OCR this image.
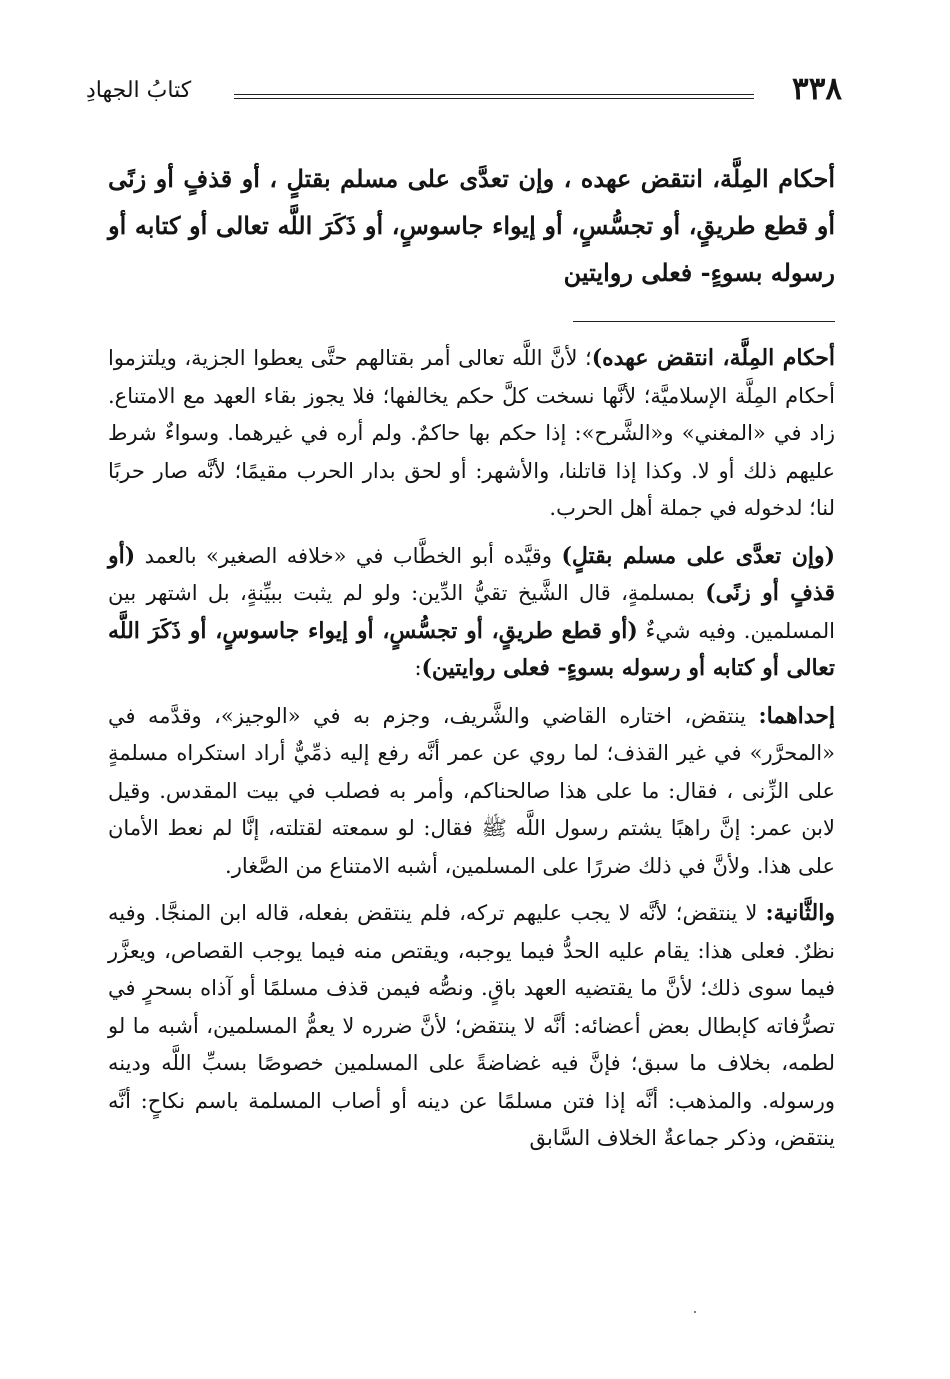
٣٣٨
كتابُ الجهادِ

أحكام المِلَّة، انتقض عهده ، وإن تعدَّى على مسلم بقتلٍ ، أو قذفٍ أو زنًى أو قطع طريقٍ، أو تجسُّسٍ، أو إيواء جاسوسٍ، أو ذَكَرَ اللَّه تعالى أو كتابه أو رسوله بسوءٍ- فعلى روايتين

أحكام المِلَّة، انتقض عهده)؛ لأنَّ اللَّه تعالى أمر بقتالهم حتَّى يعطوا الجزية، ويلتزموا أحكام المِلَّة الإسلاميَّة؛ لأنَّها نسخت كلَّ حكم يخالفها؛ فلا يجوز بقاء العهد مع الامتناع. زاد في «المغني» و«الشَّرح»: إذا حكم بها حاكمٌ. ولم أره في غيرهما. وسواءٌ شرط عليهم ذلك أو لا. وكذا إذا قاتلنا، والأشهر: أو لحق بدار الحرب مقيمًا؛ لأنَّه صار حربًا لنا؛ لدخوله في جملة أهل الحرب.

(وإن تعدَّى على مسلم بقتلٍ) وقيَّده أبو الخطَّاب في «خلافه الصغير» بالعمد (أو قذفٍ أو زنًى) بمسلمةٍ، قال الشَّيخ تقيُّ الدِّين: ولو لم يثبت ببيِّنةٍ، بل اشتهر بين المسلمين. وفيه شيءٌ (أو قطع طريقٍ، أو تجسُّسٍ، أو إيواء جاسوسٍ، أو ذَكَرَ اللَّه تعالى أو كتابه أو رسوله بسوءٍ- فعلى روايتين):

إحداهما: ينتقض، اختاره القاضي والشَّريف، وجزم به في «الوجيز»، وقدَّمه في «المحرَّر» في غير القذف؛ لما روي عن عمر أنَّه رفع إليه ذمِّيٌّ أراد استكراه مسلمةٍ على الزِّنى ، فقال: ما على هذا صالحناكم، وأمر به فصلب في بيت المقدس. وقيل لابن عمر: إنَّ راهبًا يشتم رسول اللَّه ﷺ فقال: لو سمعته لقتلته، إنَّا لم نعط الأمان على هذا. ولأنَّ في ذلك ضررًا على المسلمين، أشبه الامتناع من الصَّغار.

والثَّانية: لا ينتقض؛ لأنَّه لا يجب عليهم تركه، فلم ينتقض بفعله، قاله ابن المنجَّا. وفيه نظرٌ. فعلى هذا: يقام عليه الحدُّ فيما يوجبه، ويقتص منه فيما يوجب القصاص، ويعزَّر فيما سوى ذلك؛ لأنَّ ما يقتضيه العهد باقٍ. ونصُّه فيمن قذف مسلمًا أو آذاه بسحرٍ في تصرُّفاته كإبطال بعض أعضائه: أنَّه لا ينتقض؛ لأنَّ ضرره لا يعمُّ المسلمين، أشبه ما لو لطمه، بخلاف ما سبق؛ فإنَّ فيه غضاضةً على المسلمين خصوصًا بسبِّ اللَّه ودينه ورسوله. والمذهب: أنَّه إذا فتن مسلمًا عن دينه أو أصاب المسلمة باسم نكاحٍ: أنَّه ينتقض، وذكر جماعةٌ الخلاف السَّابق
